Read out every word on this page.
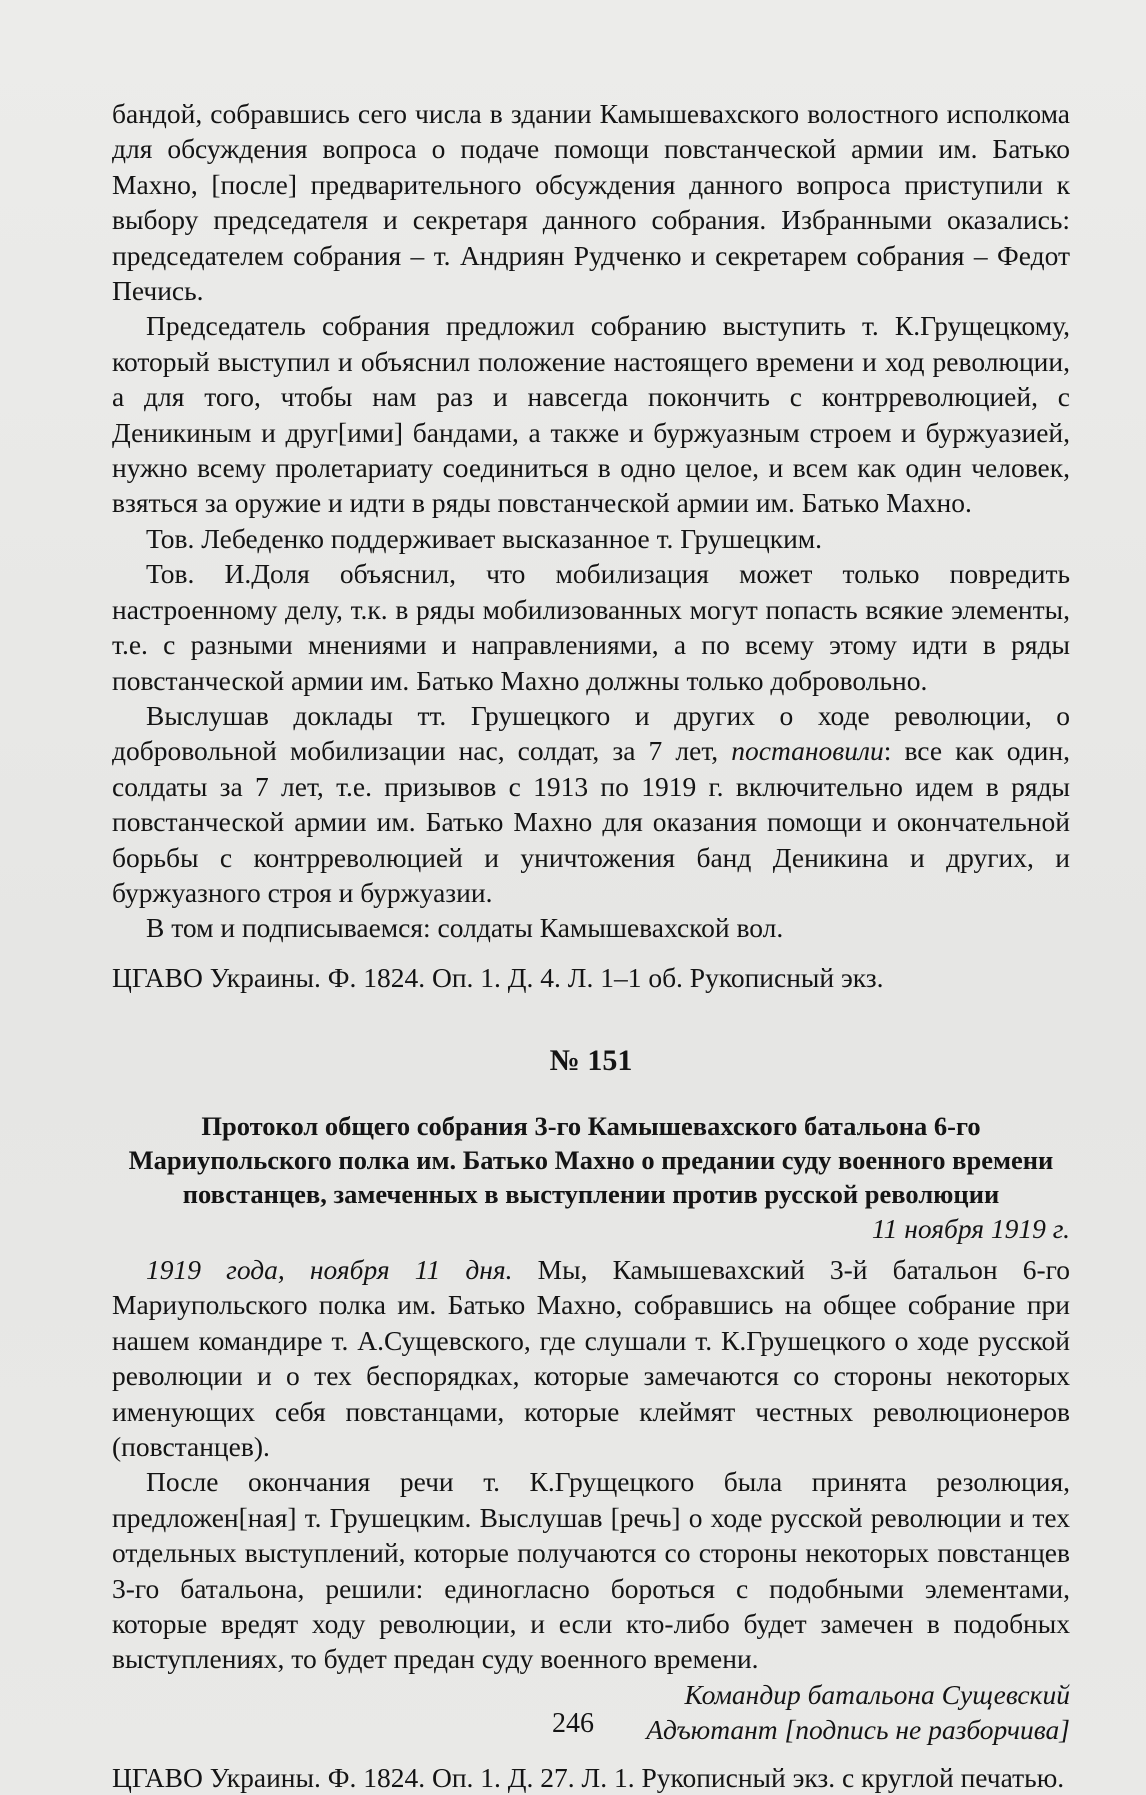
бандой, собравшись сего числа в здании Камышевахского волостного исполкома для обсуждения вопроса о подаче помощи повстанческой армии им. Батько Махно, [после] предварительного обсуждения данного вопроса приступили к выбору председателя и секретаря данного собрания. Избранными оказались: председателем собрания – т. Андриян Рудченко и секретарем собрания – Федот Печись.

Председатель собрания предложил собранию выступить т. К.Грущецкому, который выступил и объяснил положение настоящего времени и ход революции, а для того, чтобы нам раз и навсегда покончить с контрреволюцией, с Деникиным и друг[ими] бандами, а также и буржуазным строем и буржуазией, нужно всему пролетариату соединиться в одно целое, и всем как один человек, взяться за оружие и идти в ряды повстанческой армии им. Батько Махно.

Тов. Лебеденко поддерживает высказанное т. Грушецким.

Тов. И.Доля объяснил, что мобилизация может только повредить настроенному делу, т.к. в ряды мобилизованных могут попасть всякие элементы, т.е. с разными мнениями и направлениями, а по всему этому идти в ряды повстанческой армии им. Батько Махно должны только добровольно.

Выслушав доклады тт. Грушецкого и других о ходе революции, о добровольной мобилизации нас, солдат, за 7 лет, постановили: все как один, солдаты за 7 лет, т.е. призывов с 1913 по 1919 г. включительно идем в ряды повстанческой армии им. Батько Махно для оказания помощи и окончательной борьбы с контрреволюцией и уничтожения банд Деникина и других, и буржуазного строя и буржуазии.

В том и подписываемся: солдаты Камышевахской вол.

ЦГАВО Украины. Ф. 1824. Оп. 1. Д. 4. Л. 1–1 об. Рукописный экз.

№ 151

Протокол общего собрания 3-го Камышевахского батальона 6-го Мариупольского полка им. Батько Махно о предании суду военного времени повстанцев, замеченных в выступлении против русской революции

11 ноября 1919 г.

1919 года, ноября 11 дня. Мы, Камышевахский 3-й батальон 6-го Мариупольского полка им. Батько Махно, собравшись на общее собрание при нашем командире т. А.Сущевского, где слушали т. К.Грушецкого о ходе русской революции и о тех беспорядках, которые замечаются со стороны некоторых именующих себя повстанцами, которые клеймят честных революционеров (повстанцев).

После окончания речи т. К.Грущецкого была принята резолюция, предложен[ная] т. Грушецким. Выслушав [речь] о ходе русской революции и тех отдельных выступлений, которые получаются со стороны некоторых повстанцев 3-го батальона, решили: единогласно бороться с подобными элементами, которые вредят ходу революции, и если кто-либо будет замечен в подобных выступлениях, то будет предан суду военного времени.

Командир батальона Сущевский

Адъютант [подпись не разборчива]

ЦГАВО Украины. Ф. 1824. Оп. 1. Д. 27. Л. 1. Рукописный экз. с круглой печатью.

246
